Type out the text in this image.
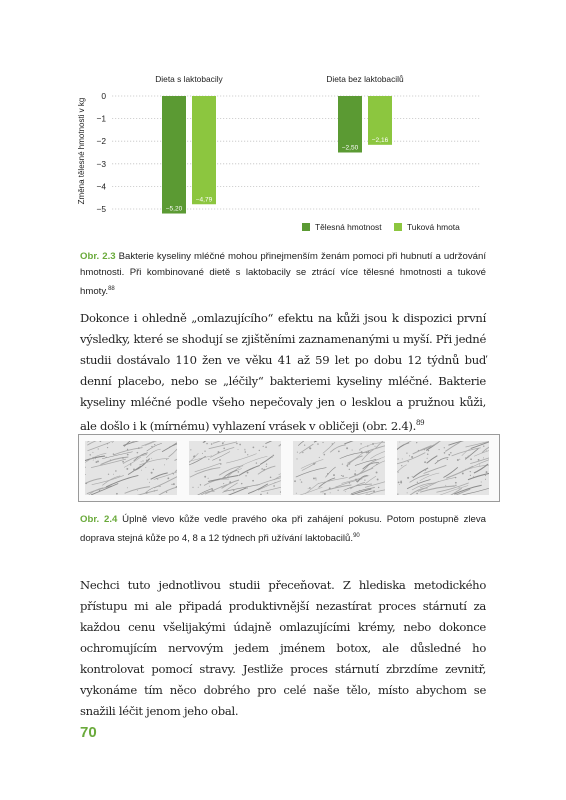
0
−1
−2
−3
−4
−5	−5,20
−2,50
−4,79
−2,16
Změna tělesné hmotnosti v kg
Dieta s laktobacily	Dieta bez laktobacilů
Tělesná hmotnost	Tuková hmota

Obr. 2.3 Bakterie kyseliny mléčné mohou přinejmenším ženám pomoci při hubnutí a udržování hmotnosti. Při kombinované dietě s laktobacily se ztrácí více tělesné hmotnosti a tukové hmoty.$^{88}$

Dokonce i ohledně „omlazujícího“ efektu na kůži jsou k dispozici první výsledky, které se shodují se zjištěními zaznamenanými u myší. Při jedné studii dostávalo 110 žen ve věku 41 až 59 let po dobu 12 týdnů buď denní placebo, nebo se „léčily“ bakteriemi kyseliny mléčné. Bakterie kyseliny mléčné podle všeho nepečovaly jen o lesklou a pružnou kůži, ale došlo i k (mírnému) vyhlazení vrásek v obličeji (obr. 2.4).$^{89}$

Obr. 2.4 Úplně vlevo kůže vedle pravého oka při zahájení pokusu. Potom postupně zleva doprava stejná kůže po 4, 8 a 12 týdnech při užívání laktobacilů.$^{90}$

Nechci tuto jednotlivou studii přeceňovat. Z hlediska metodického přístupu mi ale připadá produktivnější nezastírat proces stárnutí za každou cenu všelijakými údajně omlazujícími krémy, nebo dokonce ochromujícím nervovým jedem jménem botox, ale důsledné ho kontrolovat pomocí stravy. Jestliže proces stárnutí zbrzdíme zevnitř, vykonáme tím něco dobrého pro celé naše tělo, místo abychom se snažili léčit jenom jeho obal.

70
